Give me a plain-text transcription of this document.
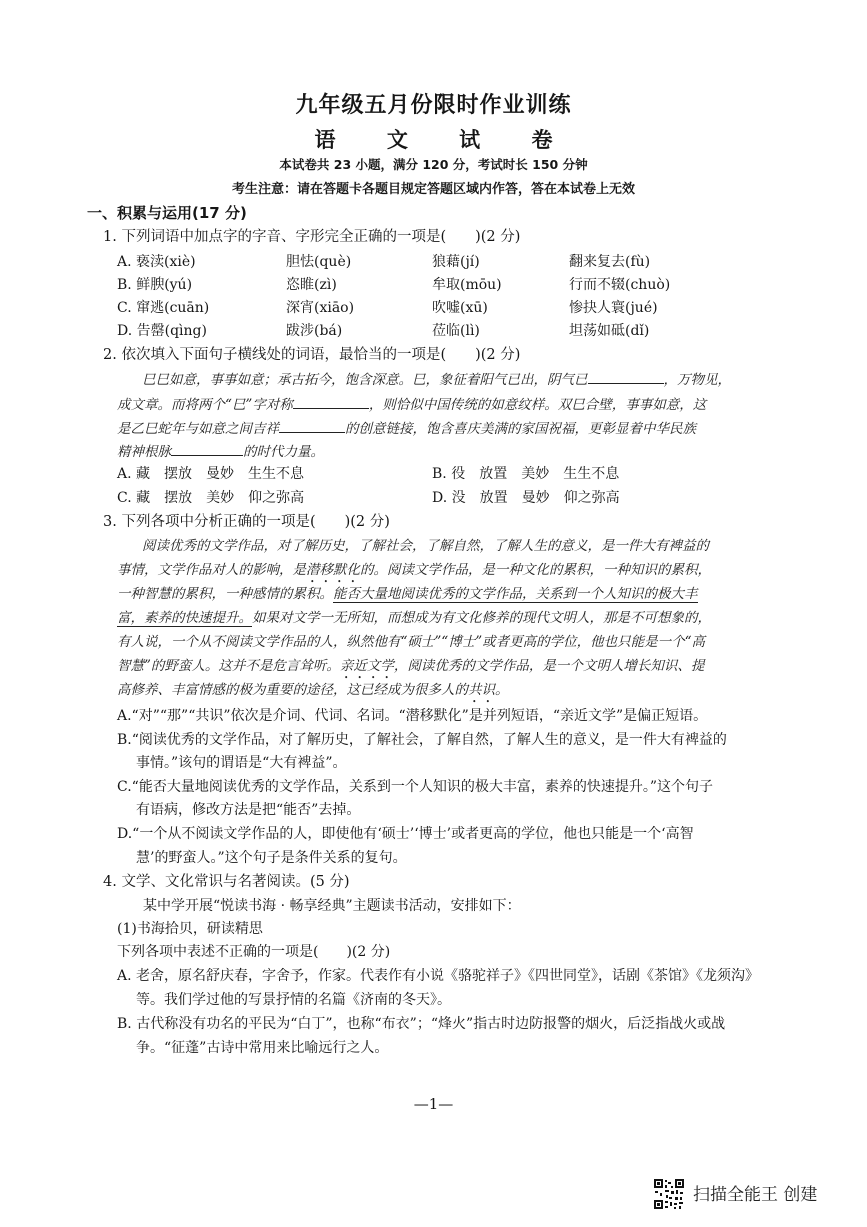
九年级五月份限时作业训练
语 文 试 卷
本试卷共 23 小题，满分 120 分，考试时长 150 分钟
考生注意：请在答题卡各题目规定答题区域内作答，答在本试卷上无效
一、积累与运用(17 分)
1. 下列词语中加点字的字音、字形完全正确的一项是(　　)(2 分)
A. 亵渎(xiè)	胆怯(què)	狼藉(jí)	翻来复去(fù)
B. 鲜腴(yú)	恣睢(zì)	牟取(mōu)	行而不辍(chuò)
C. 窜逃(cuān)	深宵(xiāo)	吹嘘(xū)	惨抉人寰(jué)
D. 告罄(qìng)	跋涉(bá)	莅临(lì)	坦荡如砥(dǐ)
2. 依次填入下面句子横线处的词语，最恰当的一项是(　　)(2 分)
巳巳如意，事事如意；承古拓今，饱含深意。巳，象征着阳气已出，阴气已	，万物见，
成文章。而将两个“巳”字对称	，则恰似中国传统的如意纹样。双巳合壁，事事如意，这
是乙巳蛇年与如意之间吉祥	的创意链接，饱含喜庆美满的家国祝福，更彰显着中华民族
精神根脉	的时代力量。
A. 藏　摆放　曼妙　生生不息	B. 役　放置　美妙　生生不息
C. 藏　摆放　美妙　仰之弥高	D. 没　放置　曼妙　仰之弥高
3. 下列各项中分析正确的一项是(　　)(2 分)
阅读优秀的文学作品，对了解历史，了解社会，了解自然，了解人生的意义，是一件大有裨益的
事情，文学作品对人的影响，是潜移默化的。阅读文学作品，是一种文化的累积，一种知识的累积，
一种智慧的累积，一种感情的累积。能否大量地阅读优秀的文学作品，关系到一个人知识的极大丰
富，素养的快速提升。如果对文学一无所知，而想成为有文化修养的现代文明人，那是不可想象的，
有人说，一个从不阅读文学作品的人，纵然他有“硕士”“博士”或者更高的学位，他也只能是一个“高
智慧”的野蛮人。这并不是危言耸听。亲近文学，阅读优秀的文学作品，是一个文明人增长知识、提
高修养、丰富情感的极为重要的途径，这已经成为很多人的共识。
A.“对”“那”“共识”依次是介词、代词、名词。“潜移默化”是并列短语，“亲近文学”是偏正短语。
B.“阅读优秀的文学作品，对了解历史，了解社会，了解自然，了解人生的意义，是一件大有裨益的
事情。”该句的谓语是“大有裨益”。
C.“能否大量地阅读优秀的文学作品，关系到一个人知识的极大丰富，素养的快速提升。”这个句子
有语病，修改方法是把“能否”去掉。
D.“一个从不阅读文学作品的人，即使他有‘硕士’‘博士’或者更高的学位，他也只能是一个‘高智
慧’的野蛮人。”这个句子是条件关系的复句。
4. 文学、文化常识与名著阅读。(5 分)
某中学开展“悦读书海 · 畅享经典”主题读书活动，安排如下：
(1)书海拾贝，研读精思
下列各项中表述不正确的一项是(　　)(2 分)
A. 老舍，原名舒庆春，字舍予，作家。代表作有小说《骆驼祥子》《四世同堂》，话剧《茶馆》《龙须沟》
等。我们学过他的写景抒情的名篇《济南的冬天》。
B. 古代称没有功名的平民为“白丁”，也称“布衣”；“烽火”指古时边防报警的烟火，后泛指战火或战
争。“征蓬”古诗中常用来比喻远行之人。
—1—
扫描全能王 创建
